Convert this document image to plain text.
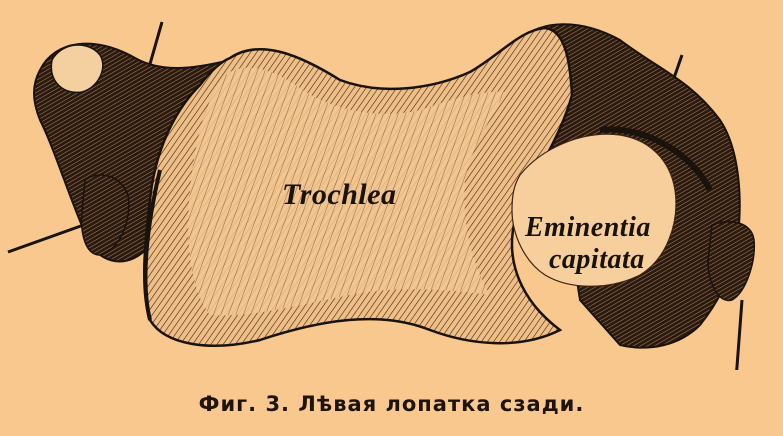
Trochlea
Eminentia
capitata
Фиг. 3. Лѣвая лопатка сзади.
